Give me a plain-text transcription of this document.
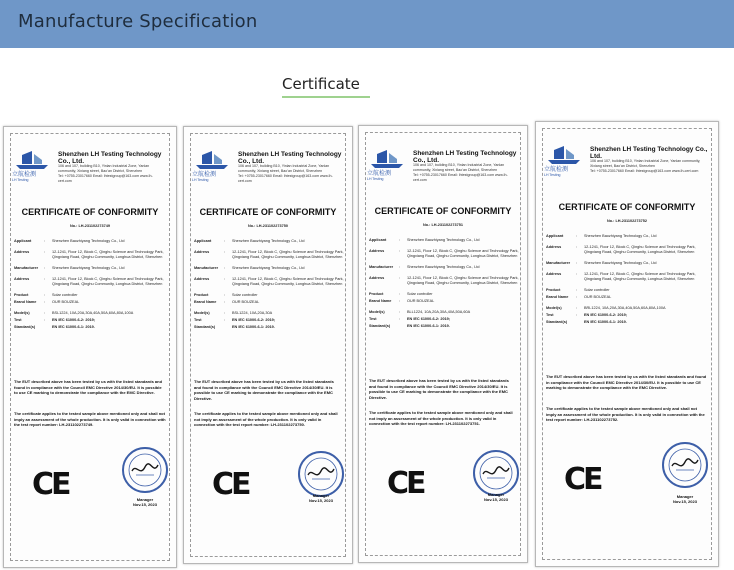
Manufacture Specification
Certificate
立航检测
LH Testing
Shenzhen LH Testing Technology Co., Ltd.
106 and 107, building B10, Yinlan Industrial Zone, Yanlan community, Xixiang street, Bao'an District, Shenzhen
Tel: +0755-23017660 Email: lhtestgroup@163.com www.lh-cert.com
CERTIFICATE OF CONFORMITY
No.: LH-231102273749
Applicant	:	Shenzhen Baozhiyang Technology Co., Ltd
Address	:	12-1241, Floor 12, Block C, Qinghu Science and Technology Park, Qingxiang Road, Qinghu Community, Longhua District, Shenzhen
Manufacturer	:	Shenzhen Baozhiyang Technology Co., Ltd
Address	:	12-1241, Floor 12, Block C, Qinghu Science and Technology Park, Qingxiang Road, Qinghu Community, Longhua District, Shenzhen
Product	:	Solar controller
Brand Name	:	OUR BOUZEAL
Model(s)	:	BSL1224, 10A,20A,30A,40A,50A,60A,80A,100A
Test	:	EN IEC 61000-6-2: 2019;
Standard(s)	EN IEC 61000-6-1: 2019.
The EUT described above has been tested by us with the listed standards and found in compliance with the Council EMC Directive 2014/30/EU. It is possible to use CE marking to demonstrate the compliance with the EMC Directive.
The certificate applies to the tested sample above mentioned only and shall not imply an assessment of the whole production. It is only valid in connection with the test report number: LH-231102273749.
CE	Manager
Nov.15, 2023
立航检测
LH Testing
Shenzhen LH Testing Technology Co., Ltd.
106 and 107, building B10, Yinlan Industrial Zone, Yanlan community, Xixiang street, Bao'an District, Shenzhen
Tel: +0755-23017660 Email: lhtestgroup@163.com www.lh-cert.com
CERTIFICATE OF CONFORMITY
No.: LH-231102273750
Applicant	:	Shenzhen Baozhiyang Technology Co., Ltd
Address	:	12-1241, Floor 12, Block C, Qinghu Science and Technology Park, Qingxiang Road, Qinghu Community, Longhua District, Shenzhen
Manufacturer	:	Shenzhen Baozhiyang Technology Co., Ltd
Address	:	12-1241, Floor 12, Block C, Qinghu Science and Technology Park, Qingxiang Road, Qinghu Community, Longhua District, Shenzhen
Product	:	Solar controller
Brand Name	:	OUR BOUZEAL
Model(s)	:	BSL1224, 10A,20A,30A
Test	:	EN IEC 61000-6-2: 2019;
Standard(s)	EN IEC 61000-6-1: 2019.
The EUT described above has been tested by us with the listed standards and found in compliance with the Council EMC Directive 2014/30/EU. It is possible to use CE marking to demonstrate the compliance with the EMC Directive.
The certificate applies to the tested sample above mentioned only and shall not imply an assessment of the whole production. It is only valid in connection with the test report number: LH-231102273750.
CE	Manager
Nov.15, 2023
立航检测
LH Testing
Shenzhen LH Testing Technology Co., Ltd.
106 and 107, building B10, Yinlan Industrial Zone, Yanlan community, Xixiang street, Bao'an District, Shenzhen
Tel: +0755-23017660 Email: lhtestgroup@163.com www.lh-cert.com
CERTIFICATE OF CONFORMITY
No.: LH-231102273751
Applicant	:	Shenzhen Baozhiyang Technology Co., Ltd
Address	:	12-1241, Floor 12, Block C, Qinghu Science and Technology Park, Qingxiang Road, Qinghu Community, Longhua District, Shenzhen
Manufacturer	:	Shenzhen Baozhiyang Technology Co., Ltd
Address	:	12-1241, Floor 12, Block C, Qinghu Science and Technology Park, Qingxiang Road, Qinghu Community, Longhua District, Shenzhen
Product	:	Solar controller
Brand Name	:	OUR BOUZEAL
Model(s)	:	BLL1224, 10A,20A,30A,40A,50A,60A
Test	:	EN IEC 61000-6-2: 2019;
Standard(s)	EN IEC 61000-6-1: 2019.
The EUT described above has been tested by us with the listed standards and found in compliance with the Council EMC Directive 2014/30/EU. It is possible to use CE marking to demonstrate the compliance with the EMC Directive.
The certificate applies to the tested sample above mentioned only and shall not imply an assessment of the whole production. It is only valid in connection with the test report number: LH-231102273751.
CE	Manager
Nov.15, 2023
立航检测
LH Testing
Shenzhen LH Testing Technology Co., Ltd.
106 and 107, building B10, Yinlan Industrial Zone, Yanlan community, Xixiang street, Bao'an District, Shenzhen
Tel: +0755-23017660 Email: lhtestgroup@163.com www.lh-cert.com
CERTIFICATE OF CONFORMITY
No.: LH-231102273752
Applicant	:	Shenzhen Baozhiyang Technology Co., Ltd
Address	:	12-1241, Floor 12, Block C, Qinghu Science and Technology Park, Qingxiang Road, Qinghu Community, Longhua District, Shenzhen
Manufacturer	:	Shenzhen Baozhiyang Technology Co., Ltd
Address	:	12-1241, Floor 12, Block C, Qinghu Science and Technology Park, Qingxiang Road, Qinghu Community, Longhua District, Shenzhen
Product	:	Solar controller
Brand Name	:	OUR BOUZEAL
Model(s)	:	BRL1224, 10A,20A,30A,40A,50A,60A,80A,100A
Test	:	EN IEC 61000-6-2: 2019;
Standard(s)	EN IEC 61000-6-1: 2019.
The EUT described above has been tested by us with the listed standards and found in compliance with the Council EMC Directive 2014/30/EU. It is possible to use CE marking to demonstrate the compliance with the EMC Directive.
The certificate applies to the tested sample above mentioned only and shall not imply an assessment of the whole production. It is only valid in connection with the test report number: LH-231102273752.
CE	Manager
Nov.15, 2023
